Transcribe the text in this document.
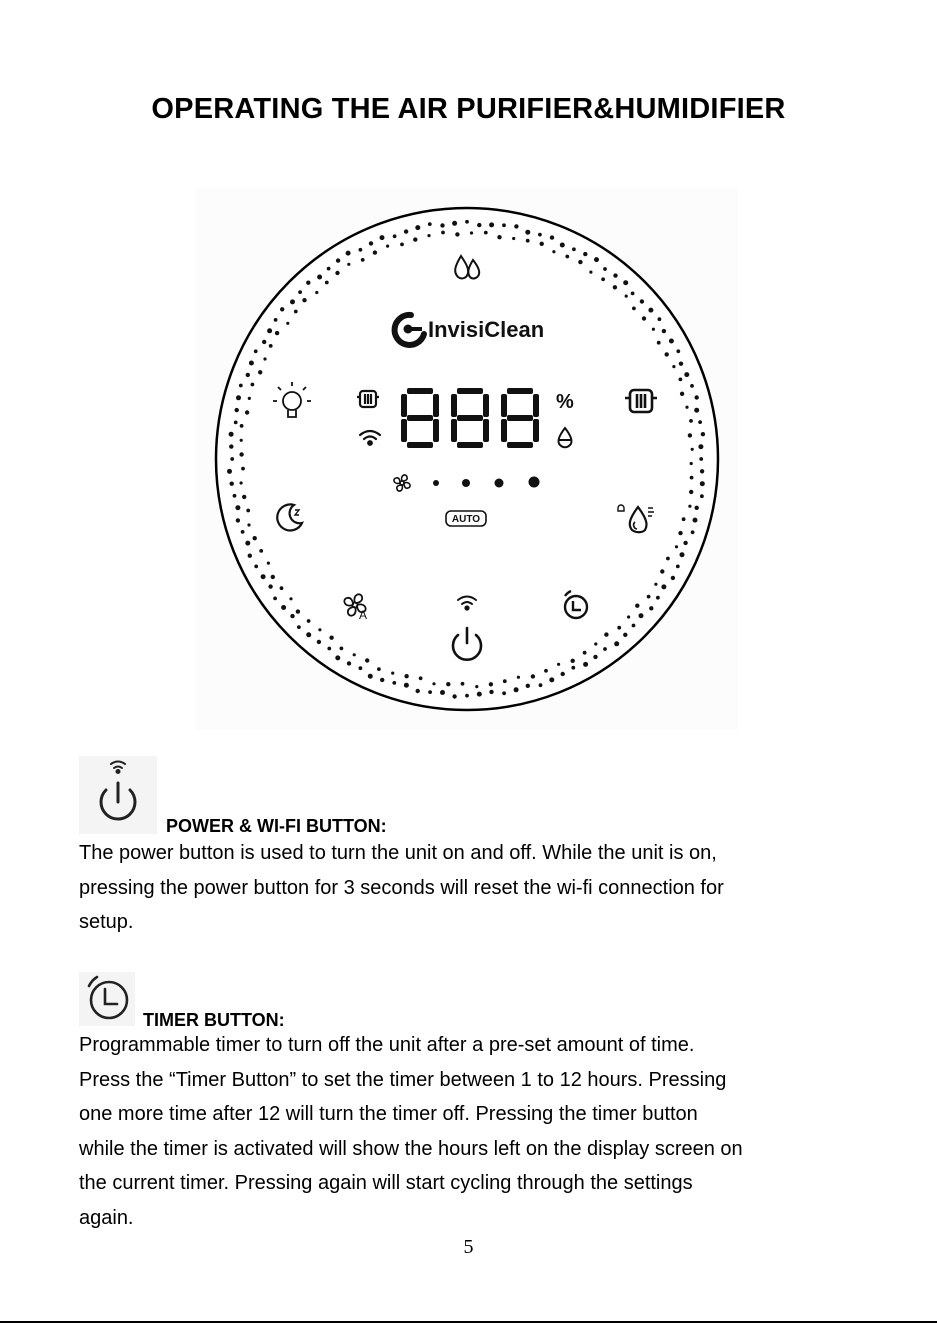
OPERATING THE AIR PURIFIER&HUMIDIFIER
InvisiClean
%
AUTO
A
POWER & WI-FI BUTTON:

The power button is used to turn the unit on and off. While the unit is on,

pressing the power button for 3 seconds will reset the wi-fi connection for

setup.

TIMER BUTTON:

Programmable timer to turn off the unit after a pre-set amount of time.

Press the “Timer Button” to set the timer between 1 to 12 hours. Pressing

one more time after 12 will turn the timer off. Pressing the timer button

while the timer is activated will show the hours left on the display screen on

the current timer. Pressing again will start cycling through the settings

again.

5
